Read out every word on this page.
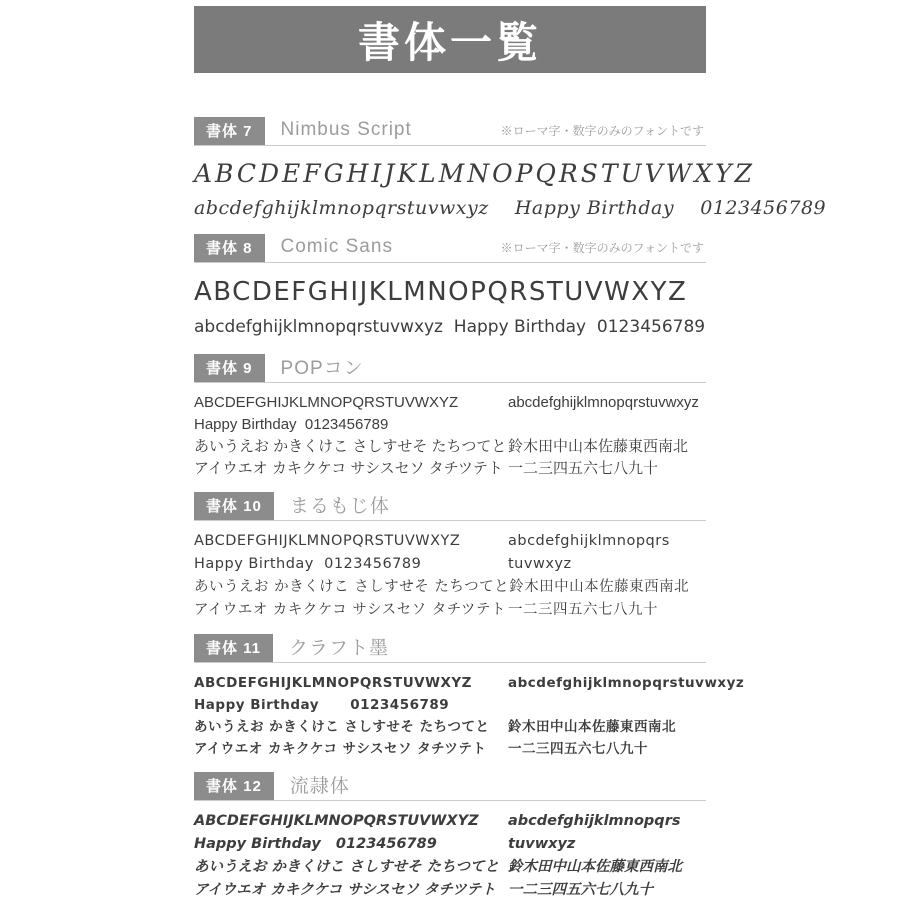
書体一覧
書体 7	Nimbus Script	※ローマ字・数字のみのフォントです
ABCDEFGHIJKLMNOPQRSTUVWXYZ
abcdefghijklmnopqrstuvwxyz    Happy Birthday    0123456789
書体 8	Comic Sans	※ローマ字・数字のみのフォントです
ABCDEFGHIJKLMNOPQRSTUVWXYZ
abcdefghijklmnopqrstuvwxyz  Happy Birthday  0123456789
書体 9	POPコン
ABCDEFGHIJKLMNOPQRSTUVWXYZ	abcdefghijklmnopqrstuvwxyz
Happy Birthday  0123456789
あいうえお かきくけこ さしすせそ たちつてと 鈴木田中山本佐藤東西南北
アイウエオ カキクケコ サシスセソ タチツテト 一二三四五六七八九十
書体 10	まるもじ体
ABCDEFGHIJKLMNOPQRSTUVWXYZ	abcdefghijklmnopqrs
Happy Birthday  0123456789	tuvwxyz
あいうえお かきくけこ さしすせそ たちつてと 鈴木田中山本佐藤東西南北
アイウエオ カキクケコ サシスセソ タチツテト 一二三四五六七八九十
書体 11	クラフト墨
ABCDEFGHIJKLMNOPQRSTUVWXYZ	abcdefghijklmnopqrstuvwxyz
Happy Birthday      0123456789
あいうえお かきくけこ さしすせそ たちつてと	鈴木田中山本佐藤東西南北
アイウエオ カキクケコ サシスセソ タチツテト	一二三四五六七八九十
書体 12	流隷体
ABCDEFGHIJKLMNOPQRSTUVWXYZ	abcdefghijklmnopqrs
Happy Birthday   0123456789	tuvwxyz
あいうえお かきくけこ さしすせそ たちつてと 鈴木田中山本佐藤東西南北
アイウエオ カキクケコ サシスセソ タチツテト 一二三四五六七八九十
